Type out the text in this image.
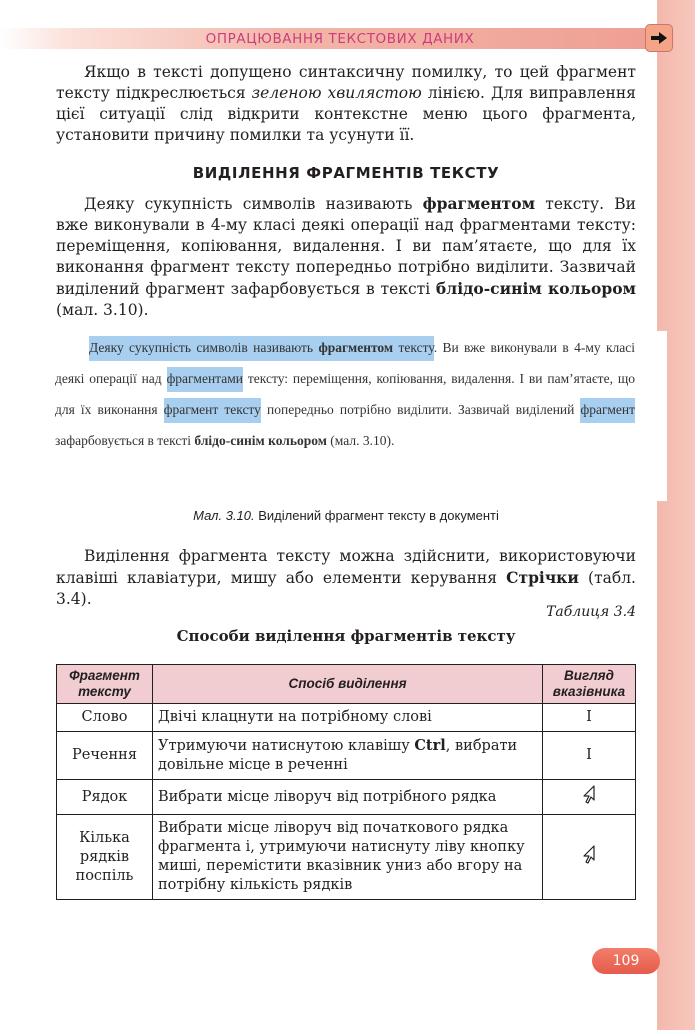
ОПРАЦЮВАННЯ ТЕКСТОВИХ ДАНИХ

Якщо в тексті допущено синтаксичну помилку, то цей фрагмент тексту підкреслюється зеленою хвилястою лінією. Для виправлення цієї ситуації слід відкрити контекстне меню цього фрагмента, установити причину помилки та усунути її.

ВИДІЛЕННЯ ФРАГМЕНТІВ ТЕКСТУ

Деяку сукупність символів називають фрагментом тексту. Ви вже виконували в 4-му класі деякі операції над фрагментами тексту: переміщення, копіювання, видалення. І ви пам’ятаєте, що для їх виконання фрагмент тексту попередньо потрібно виділити. Зазвичай виділений фрагмент зафарбовується в тексті блідо-синім кольором (мал. 3.10).

Деяку сукупність символів називають фрагментом тексту. Ви вже виконували в 4-му класі деякі операції над фрагментами тексту: переміщення, копіювання, видалення. І ви пам’ятаєте, що для їх виконання фрагмент тексту попередньо потрібно виділити. Зазвичай виділений фрагмент зафарбовується в тексті блідо-синім кольором (мал. 3.10).
Мал. 3.10. Виділений фрагмент тексту в документі

Виділення фрагмента тексту можна здійснити, використовуючи клавіші клавіатури, мишу або елементи керування Стрічки (табл. 3.4).

Таблиця 3.4
Способи виділення фрагментів тексту
Фрагмент тексту	Спосіб виділення	Вигляд вказівника
Слово	Двічі клацнути на потрібному слові	I
Речення	Утримуючи натиснутою клавішу Ctrl, вибрати довільне місце в реченні	I
Рядок	Вибрати місце ліворуч від потрібного рядка	
Кілька рядків поспіль	Вибрати місце ліворуч від початкового рядка фрагмента і, утримуючи натиснуту ліву кнопку миші, перемістити вказівник униз або вгору на потрібну кількість рядків	
109
